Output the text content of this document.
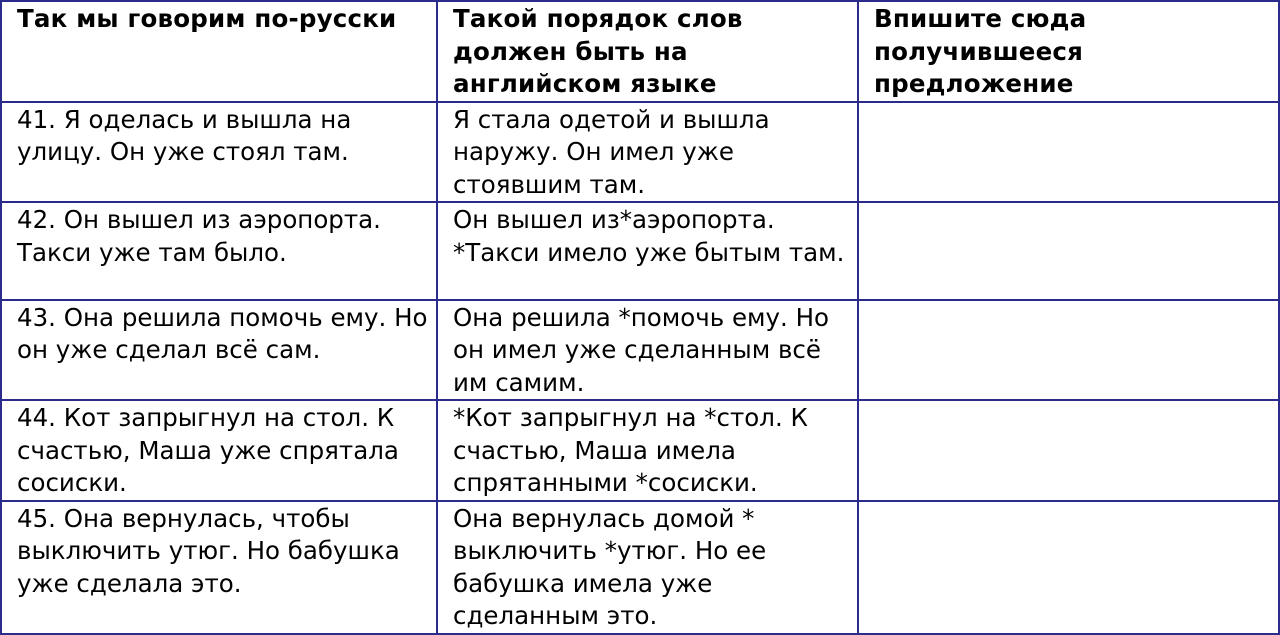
Так мы говорим по-русски	Такой порядок слов должен быть на английском языке	Впишите сюда получившееся предложение
41. Я оделась и вышла на улицу. Он уже стоял там.	Я стала одетой и вышла наружу. Он имел уже стоявшим там.	
42. Он вышел из аэропорта. Такси уже там было.	Он вышел из*аэропорта. *Такси имело уже бытым там.	
43. Она решила помочь ему. Но он уже сделал всё сам.	Она решила *помочь ему. Но он имел уже сделанным всё им самим.	
44. Кот запрыгнул на стол. К счастью, Маша уже спрятала сосиски.	*Кот запрыгнул на *стол. К счастью, Маша имела спрятанными *сосиски.	
45. Она вернулась, чтобы выключить утюг. Но бабушка уже сделала это.	Она вернулась домой * выключить *утюг. Но ее бабушка имела уже сделанным это.	
